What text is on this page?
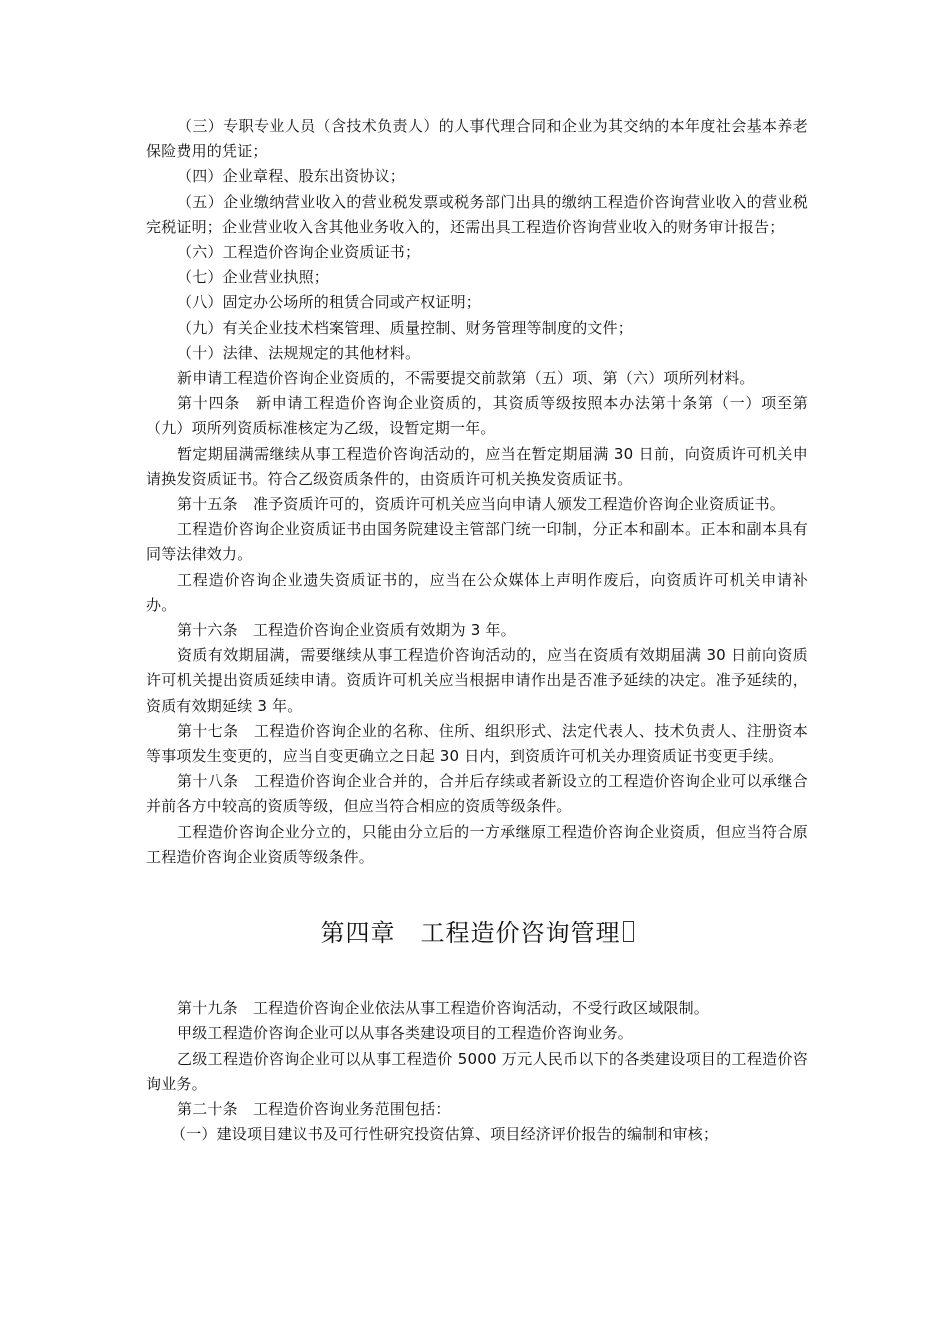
（三）专职专业人员（含技术负责人）的人事代理合同和企业为其交纳的本年度社会基本养老保险费用的凭证；

（四）企业章程、股东出资协议；

（五）企业缴纳营业收入的营业税发票或税务部门出具的缴纳工程造价咨询营业收入的营业税完税证明；企业营业收入含其他业务收入的，还需出具工程造价咨询营业收入的财务审计报告；

（六）工程造价咨询企业资质证书；

（七）企业营业执照；

（八）固定办公场所的租赁合同或产权证明；

（九）有关企业技术档案管理、质量控制、财务管理等制度的文件；

（十）法律、法规规定的其他材料。

新申请工程造价咨询企业资质的，不需要提交前款第（五）项、第（六）项所列材料。

第十四条　新申请工程造价咨询企业资质的，其资质等级按照本办法第十条第（一）项至第（九）项所列资质标准核定为乙级，设暂定期一年。

暂定期届满需继续从事工程造价咨询活动的，应当在暂定期届满 30 日前，向资质许可机关申请换发资质证书。符合乙级资质条件的，由资质许可机关换发资质证书。

第十五条　准予资质许可的，资质许可机关应当向申请人颁发工程造价咨询企业资质证书。

工程造价咨询企业资质证书由国务院建设主管部门统一印制，分正本和副本。正本和副本具有同等法律效力。

工程造价咨询企业遗失资质证书的，应当在公众媒体上声明作废后，向资质许可机关申请补办。

第十六条　工程造价咨询企业资质有效期为 3 年。

资质有效期届满，需要继续从事工程造价咨询活动的，应当在资质有效期届满 30 日前向资质许可机关提出资质延续申请。资质许可机关应当根据申请作出是否准予延续的决定。准予延续的，资质有效期延续 3 年。

第十七条　工程造价咨询企业的名称、住所、组织形式、法定代表人、技术负责人、注册资本等事项发生变更的，应当自变更确立之日起 30 日内，到资质许可机关办理资质证书变更手续。

第十八条　工程造价咨询企业合并的，合并后存续或者新设立的工程造价咨询企业可以承继合并前各方中较高的资质等级，但应当符合相应的资质等级条件。

工程造价咨询企业分立的，只能由分立后的一方承继原工程造价咨询企业资质，但应当符合原工程造价咨询企业资质等级条件。

第四章　工程造价咨询管理

第十九条　工程造价咨询企业依法从事工程造价咨询活动，不受行政区域限制。

甲级工程造价咨询企业可以从事各类建设项目的工程造价咨询业务。

乙级工程造价咨询企业可以从事工程造价 5000 万元人民币以下的各类建设项目的工程造价咨询业务。

第二十条　工程造价咨询业务范围包括：

（一）建设项目建议书及可行性研究投资估算、项目经济评价报告的编制和审核；
